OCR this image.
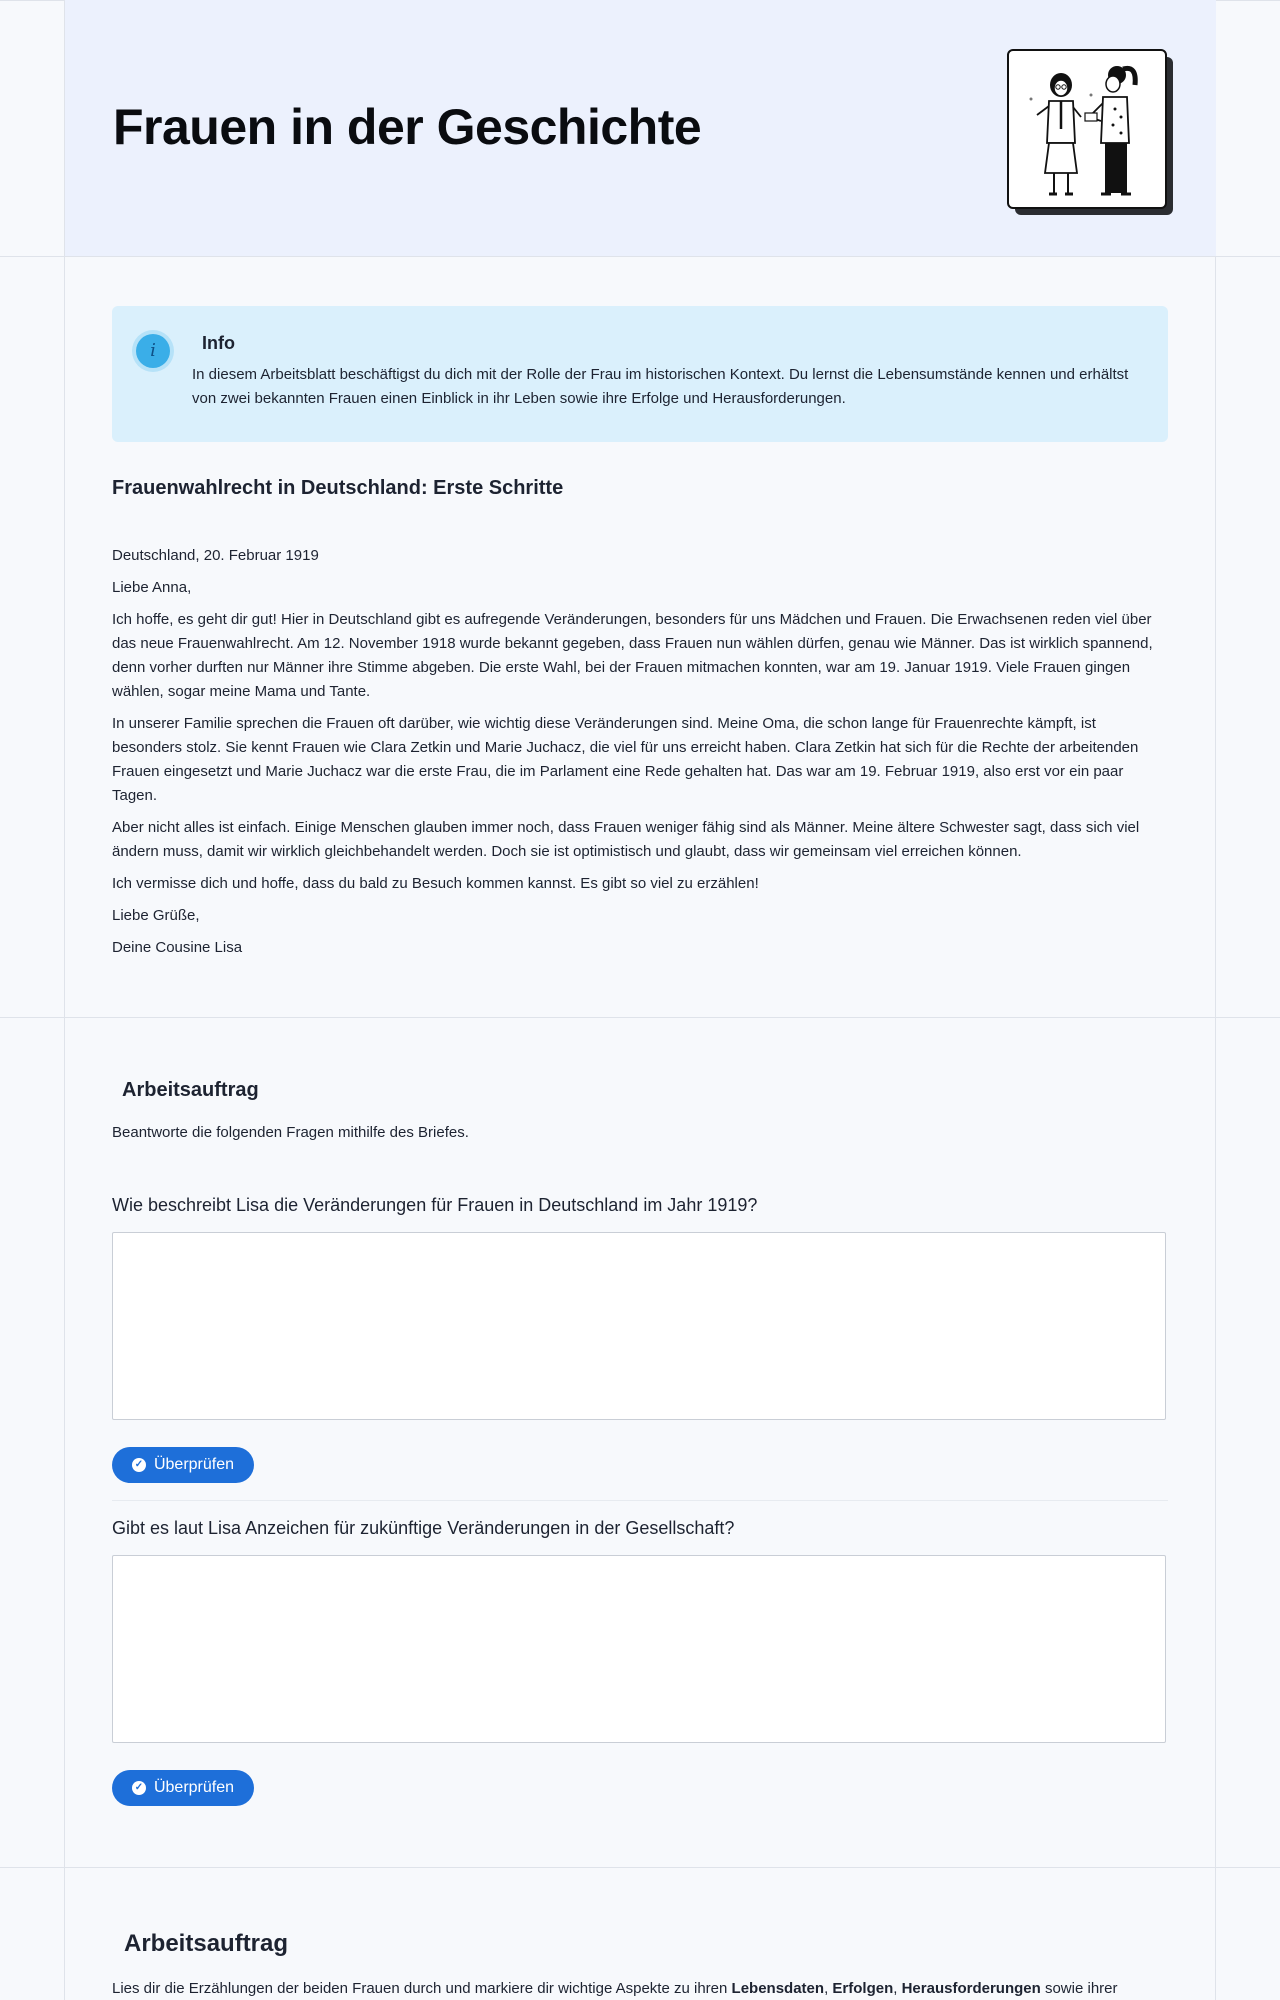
Frauen in der Geschichte
i	Info
In diesem Arbeitsblatt beschäftigst du dich mit der Rolle der Frau im historischen Kontext. Du lernst die Lebensumstände kennen und erhältst von zwei bekannten Frauen einen Einblick in ihr Leben sowie ihre Erfolge und Herausforderungen.
Frauenwahlrecht in Deutschland: Erste Schritte

Deutschland, 20. Februar 1919

Liebe Anna,

Ich hoffe, es geht dir gut! Hier in Deutschland gibt es aufregende Veränderungen, besonders für uns Mädchen und Frauen. Die Erwachsenen reden viel über das neue Frauenwahlrecht. Am 12. November 1918 wurde bekannt gegeben, dass Frauen nun wählen dürfen, genau wie Männer. Das ist wirklich spannend, denn vorher durften nur Männer ihre Stimme abgeben. Die erste Wahl, bei der Frauen mitmachen konnten, war am 19. Januar 1919. Viele Frauen gingen wählen, sogar meine Mama und Tante.

In unserer Familie sprechen die Frauen oft darüber, wie wichtig diese Veränderungen sind. Meine Oma, die schon lange für Frauenrechte kämpft, ist besonders stolz. Sie kennt Frauen wie Clara Zetkin und Marie Juchacz, die viel für uns erreicht haben. Clara Zetkin hat sich für die Rechte der arbeitenden Frauen eingesetzt und Marie Juchacz war die erste Frau, die im Parlament eine Rede gehalten hat. Das war am 19. Februar 1919, also erst vor ein paar Tagen.

Aber nicht alles ist einfach. Einige Menschen glauben immer noch, dass Frauen weniger fähig sind als Männer. Meine ältere Schwester sagt, dass sich viel ändern muss, damit wir wirklich gleichbehandelt werden. Doch sie ist optimistisch und glaubt, dass wir gemeinsam viel erreichen können.

Ich vermisse dich und hoffe, dass du bald zu Besuch kommen kannst. Es gibt so viel zu erzählen!

Liebe Grüße,

Deine Cousine Lisa

Arbeitsauftrag
Beantworte die folgenden Fragen mithilfe des Briefes.
Wie beschreibt Lisa die Veränderungen für Frauen in Deutschland im Jahr 1919?
✓ Überprüfen
Gibt es laut Lisa Anzeichen für zukünftige Veränderungen in der Gesellschaft?
✓ Überprüfen
Arbeitsauftrag
Lies dir die Erzählungen der beiden Frauen durch und markiere dir wichtige Aspekte zu ihren Lebensdaten, Erfolgen, Herausforderungen sowie ihrer
